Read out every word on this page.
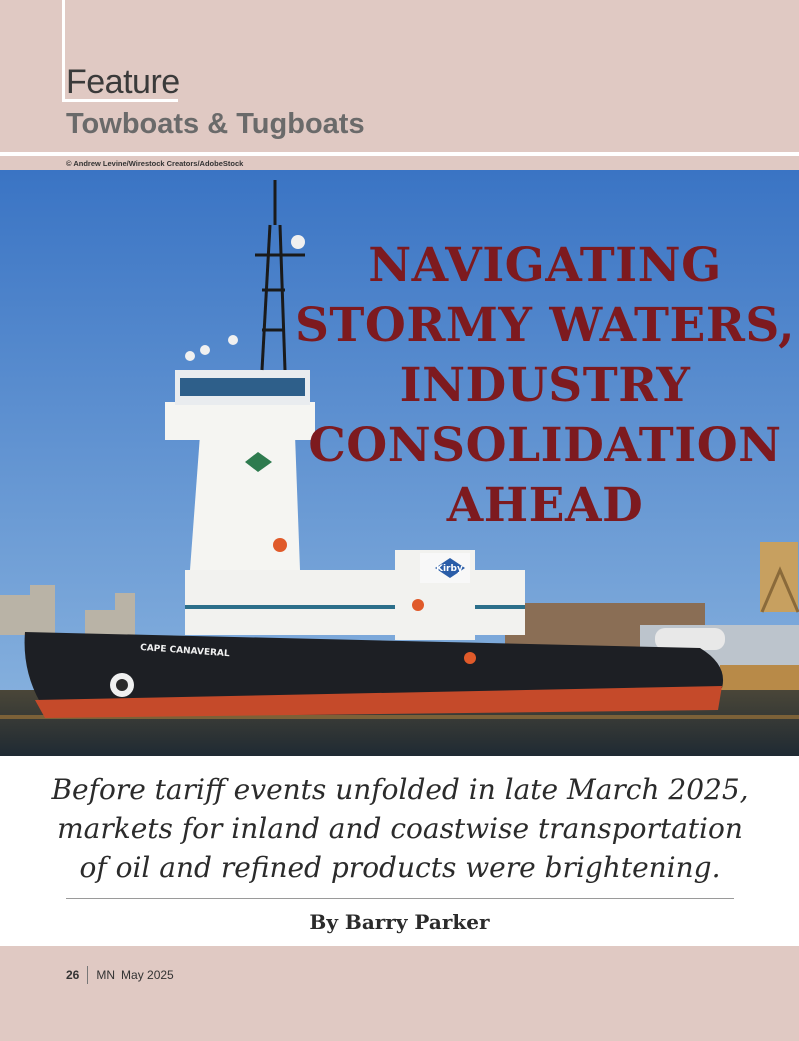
Feature
Towboats & Tugboats
© Andrew Levine/Wirestock Creators/AdobeStock
CAPE CANAVERAL
Kirby
NAVIGATING
STORMY WATERS,
INDUSTRY
CONSOLIDATION
AHEAD
Before tariff events unfolded in late March 2025,
markets for inland and coastwise transportation
of oil and refined products were brightening.
By Barry Parker
26 MN May 2025
